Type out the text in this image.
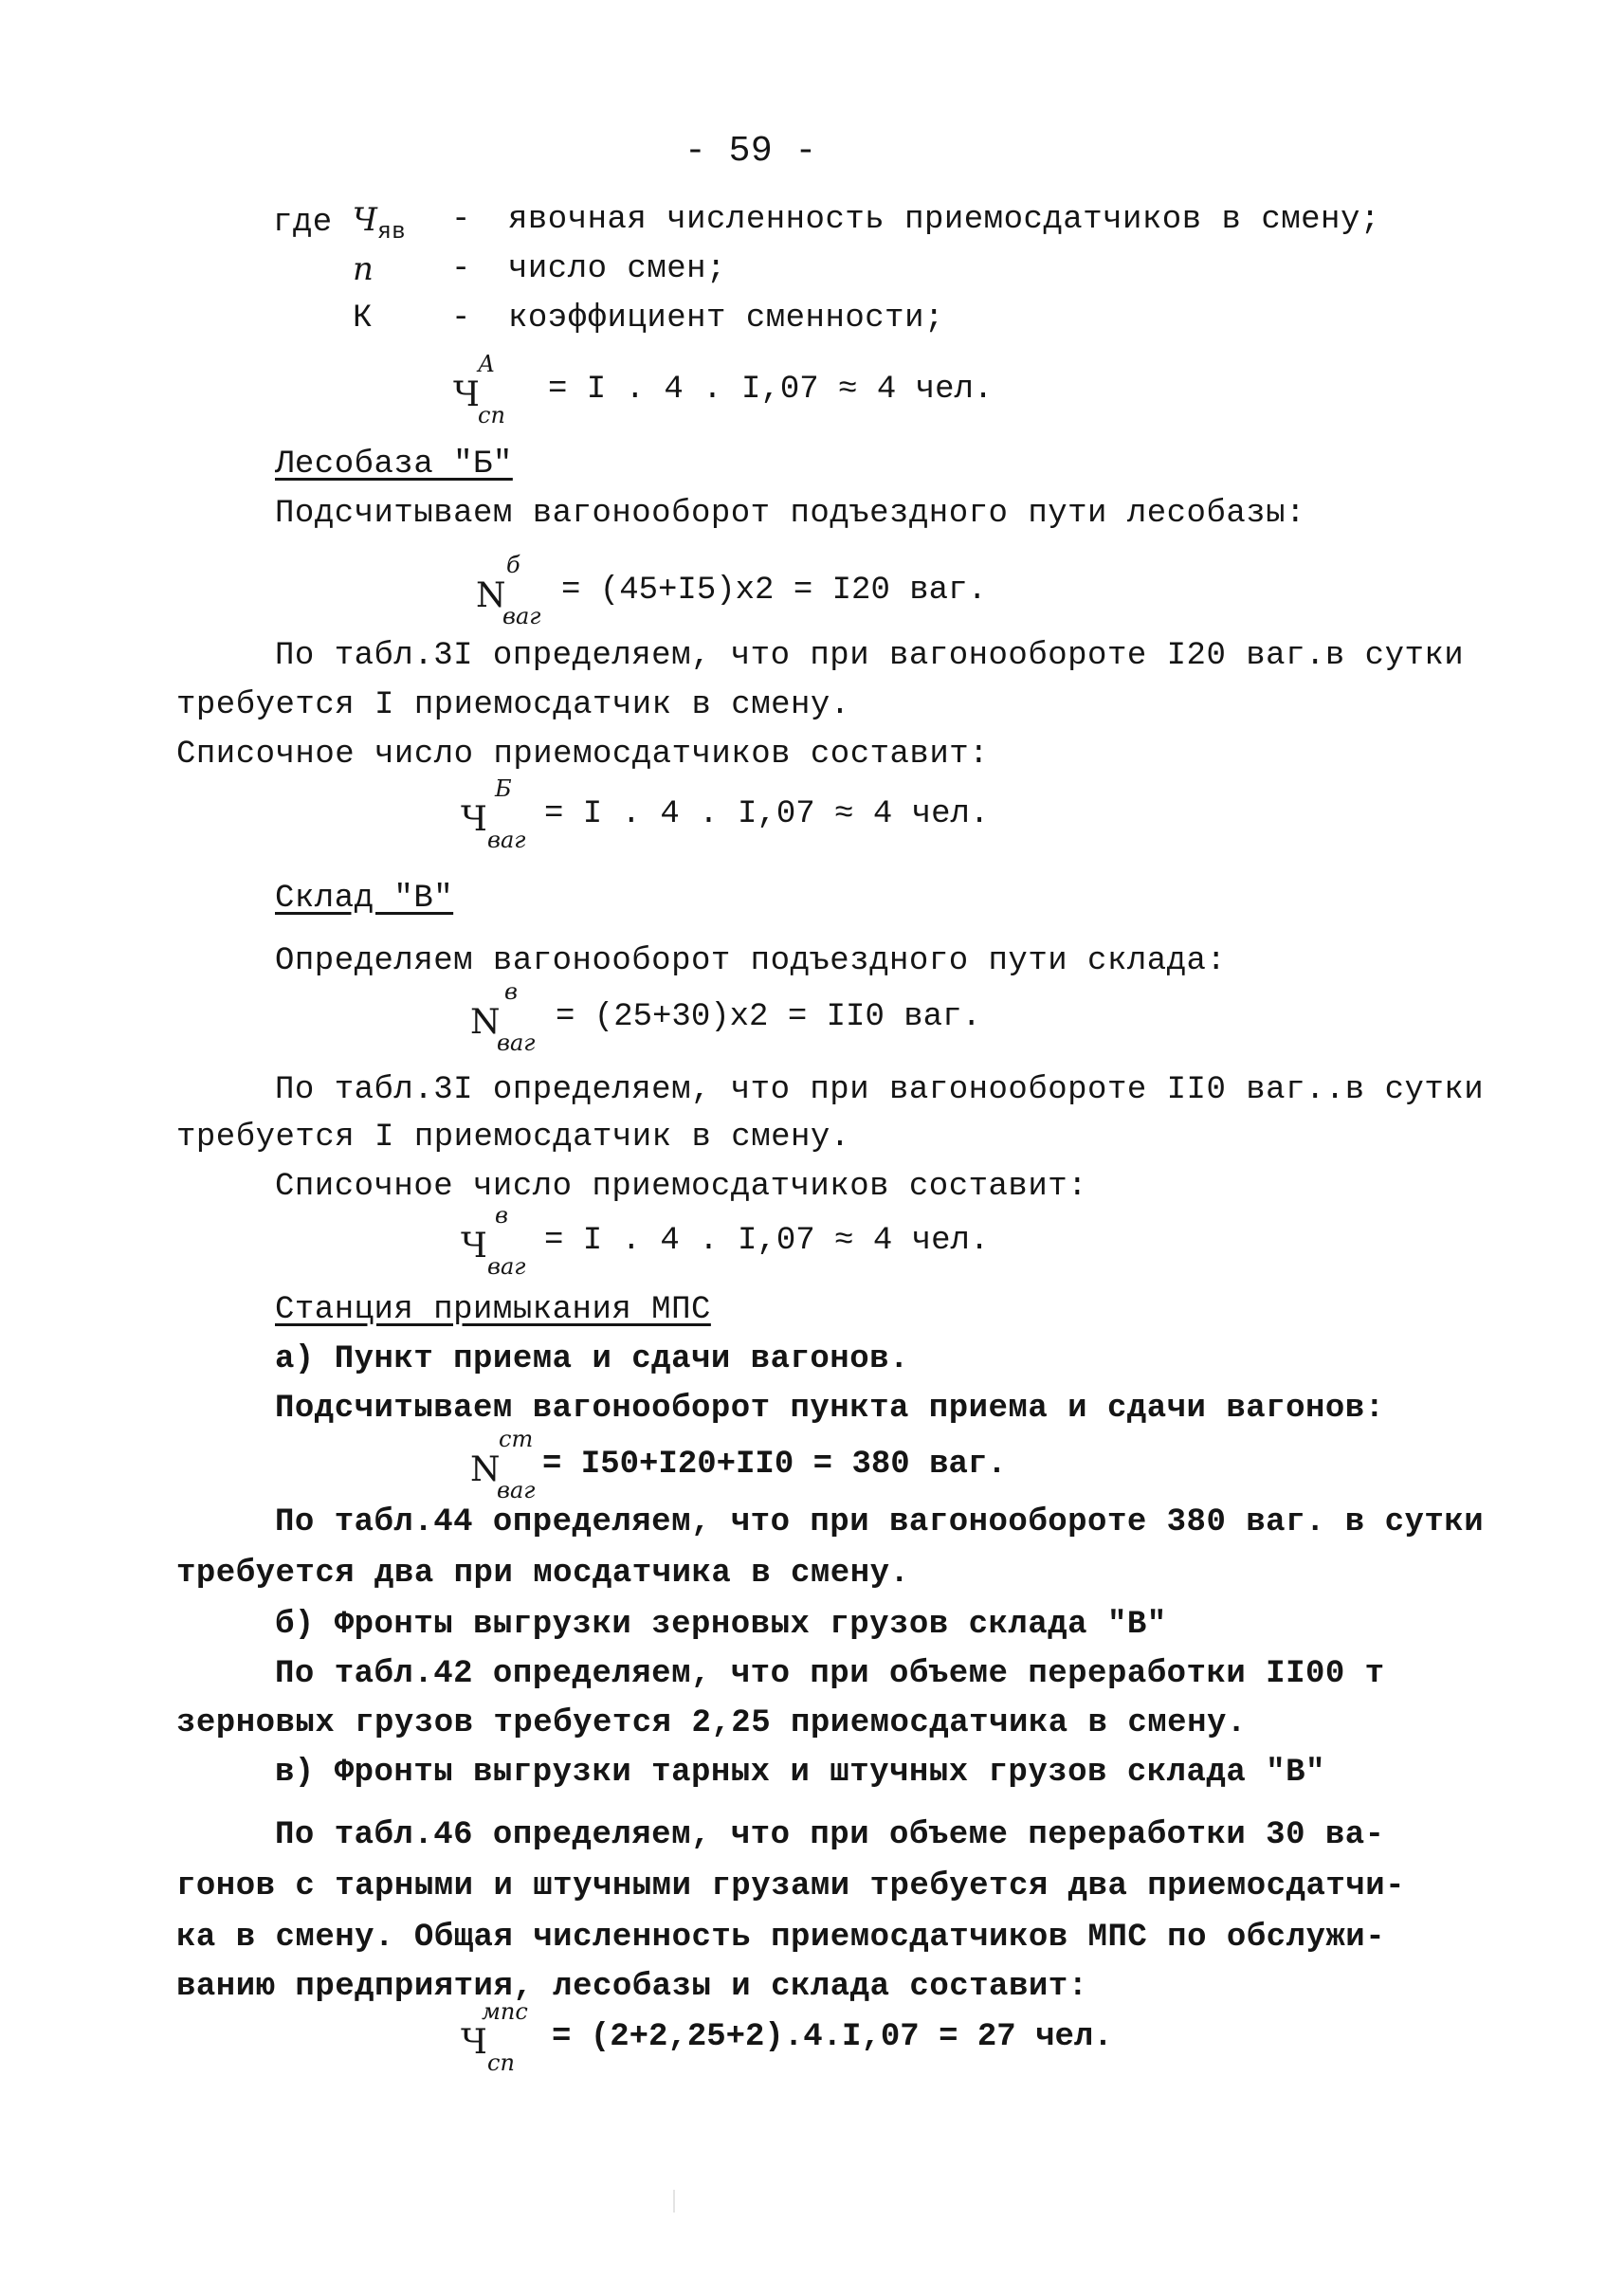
- 59 -
где $Ч_{яв}$ - явочная численность приемосдатчиков в смену;
n - число смен;
К - коэффициент сменности;
Ч
А
сп
= I . 4 . I,07 ≈ 4 чел.
Лесобаза "Б"
Подсчитываем вагонооборот подъездного пути лесобазы:
N
б
ваг
= (45+I5)x2 = I20 ваг.
По табл.3I определяем, что при вагонообороте I20 ваг.в сутки
требуется I приемосдатчик в смену.
Списочное число приемосдатчиков составит:
Ч
Б
ваг
= I . 4 . I,07 ≈ 4 чел.
Склад "В"
Определяем вагонооборот подъездного пути склада:
N
в
ваг
= (25+30)x2 = II0 ваг.
По табл.3I определяем, что при вагонообороте II0 ваг..в сутки
требуется I приемосдатчик в смену.
Списочное число приемосдатчиков составит:
Ч
в
ваг
= I . 4 . I,07 ≈ 4 чел.
Станция примыкания МПС
а) Пункт приема и сдачи вагонов.
Подсчитываем вагонооборот пункта приема и сдачи вагонов:
N
cm
ваг
= I50+I20+II0 = 380 ваг.
По табл.44 определяем, что при вагонообороте 380 ваг. в сутки
требуется два при мосдатчика в смену.
б) Фронты выгрузки зерновых грузов склада "В"
По табл.42 определяем, что при объеме переработки II00 т
зерновых грузов требуется 2,25 приемосдатчика в смену.
в) Фронты выгрузки тарных и штучных грузов склада "В"
По табл.46 определяем, что при объеме переработки 30 ва-
гонов с тарными и штучными грузами требуется два приемосдатчи-
ка в смену. Общая численность приемосдатчиков МПС по обслужи-
ванию предприятия, лесобазы и склада составит:
Ч
мпс
сп
= (2+2,25+2).4.I,07 = 27 чел.
